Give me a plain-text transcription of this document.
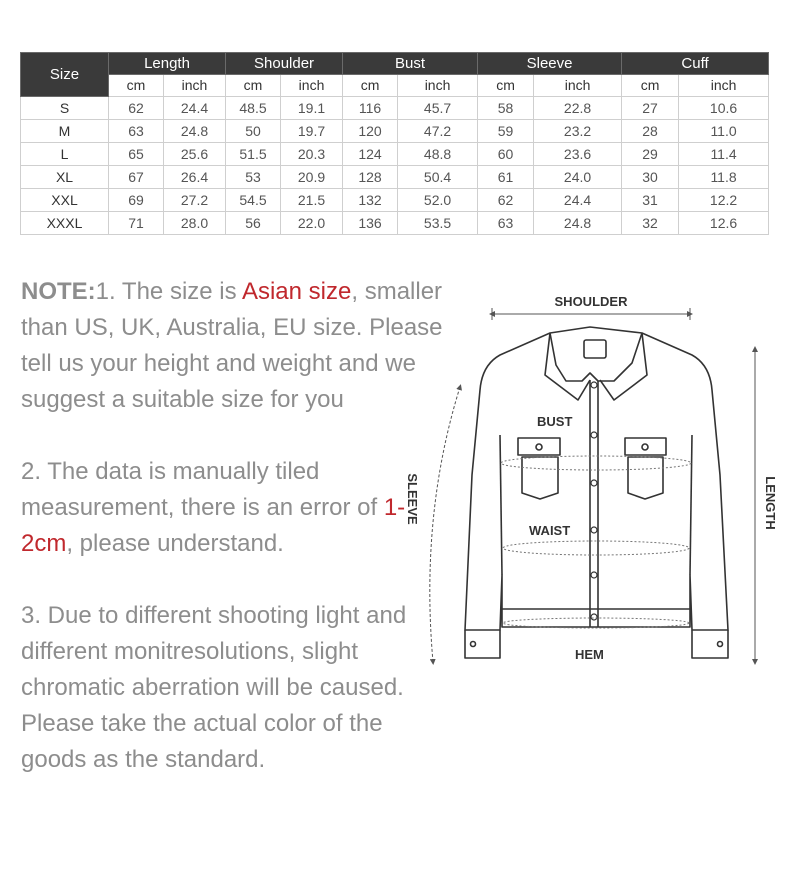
Size	Length		Shoulder		Bust		Sleeve		Cuff	
	cm	inch	cm	inch	cm	inch	cm	inch	cm	inch
S	62	24.4	48.5	19.1	116	45.7	58	22.8	27	10.6
M	63	24.8	50	19.7	120	47.2	59	23.2	28	11.0
L	65	25.6	51.5	20.3	124	48.8	60	23.6	29	11.4
XL	67	26.4	53	20.9	128	50.4	61	24.0	30	11.8
XXL	69	27.2	54.5	21.5	132	52.0	62	24.4	31	12.2
XXXL	71	28.0	56	22.0	136	53.5	63	24.8	32	12.6

NOTE:1. The size is Asian size, smaller than US, UK, Australia, EU size. Please tell us your height and weight and we suggest a suitable size for you

2. The data is manually tiled measurement, there is an error of 1-2cm, please understand.

3. Due to different shooting light and different monitresolutions, slight chromatic aberration will be caused. Please take the actual color of the goods as the standard.

SHOULDER
LENGTH
SLEEVE
BUST
WAIST
HEM
